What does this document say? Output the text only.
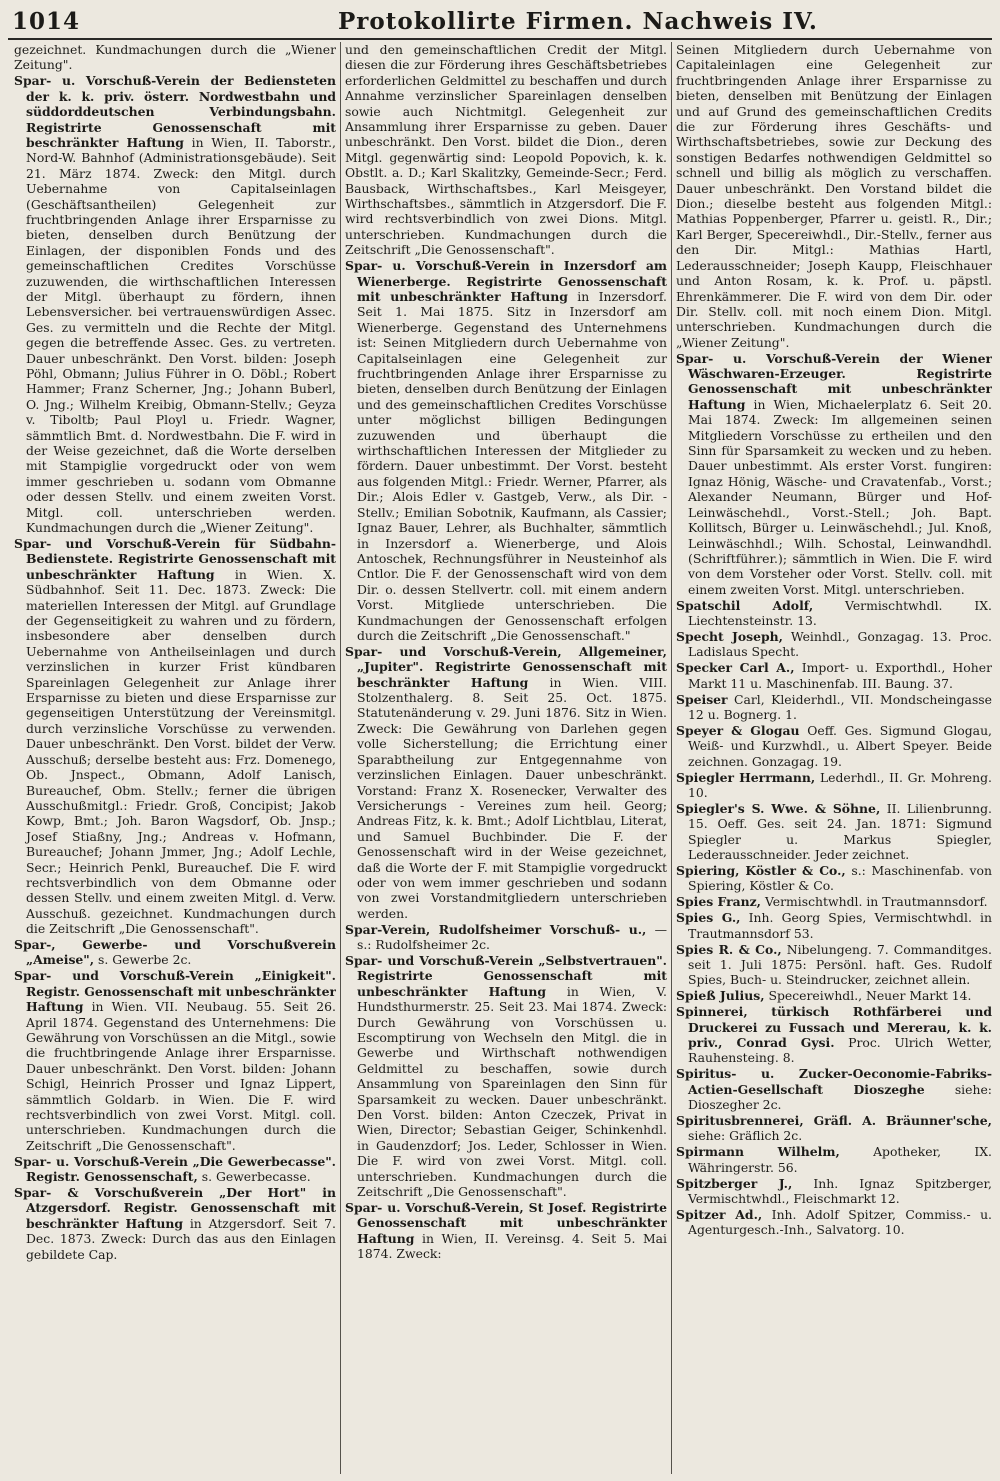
1014	Protokollirte Firmen. Nachweis IV.

gezeichnet. Kundmachungen durch die „Wiener Zeitung".

Spar- u. Vorschuß-Verein der Bediensteten der k. k. priv. österr. Nordwestbahn und süddorddeutschen Verbindungsbahn. Registrirte Genossenschaft mit beschränkter Haftung in Wien, II. Taborstr., Nord-W. Bahnhof (Administrationsgebäude). Seit 21. März 1874. Zweck: den Mitgl. durch Uebernahme von Capitalseinlagen (Geschäftsantheilen) Gelegenheit zur fruchtbringenden Anlage ihrer Ersparnisse zu bieten, denselben durch Benützung der Einlagen, der disponiblen Fonds und des gemeinschaftlichen Credites Vorschüsse zuzuwenden, die wirthschaftlichen Interessen der Mitgl. überhaupt zu fördern, ihnen Lebensversicher. bei vertrauenswürdigen Assec. Ges. zu vermitteln und die Rechte der Mitgl. gegen die betreffende Assec. Ges. zu vertreten. Dauer unbeschränkt. Den Vorst. bilden: Joseph Pöhl, Obmann; Julius Führer in O. Döbl.; Robert Hammer; Franz Scherner, Jng.; Johann Buberl, O. Jng.; Wilhelm Kreibig, Obmann-Stellv.; Geyza v. Tiboltb; Paul Ployl u. Friedr. Wagner, sämmtlich Bmt. d. Nordwestbahn. Die F. wird in der Weise gezeichnet, daß die Worte derselben mit Stampiglie vorgedruckt oder von wem immer geschrieben u. sodann vom Obmanne oder dessen Stellv. und einem zweiten Vorst. Mitgl. coll. unterschrieben werden. Kundmachungen durch die „Wiener Zeitung".

Spar- und Vorschuß-Verein für Südbahn-Bedienstete. Registrirte Genossenschaft mit unbeschränkter Haftung in Wien. X. Südbahnhof. Seit 11. Dec. 1873. Zweck: Die materiellen Interessen der Mitgl. auf Grundlage der Gegenseitigkeit zu wahren und zu fördern, insbesondere aber denselben durch Uebernahme von Antheilseinlagen und durch verzinslichen in kurzer Frist kündbaren Spareinlagen Gelegenheit zur Anlage ihrer Ersparnisse zu bieten und diese Ersparnisse zur gegenseitigen Unterstützung der Vereinsmitgl. durch verzinsliche Vorschüsse zu verwenden. Dauer unbeschränkt. Den Vorst. bildet der Verw. Ausschuß; derselbe besteht aus: Frz. Domenego, Ob. Jnspect., Obmann, Adolf Lanisch, Bureauchef, Obm. Stellv.; ferner die übrigen Ausschußmitgl.: Friedr. Groß, Concipist; Jakob Kowp, Bmt.; Joh. Baron Wagsdorf, Ob. Jnsp.; Josef Stiaßny, Jng.; Andreas v. Hofmann, Bureauchef; Johann Jmmer, Jng.; Adolf Lechle, Secr.; Heinrich Penkl, Bureauchef. Die F. wird rechtsverbindlich von dem Obmanne oder dessen Stellv. und einem zweiten Mitgl. d. Verw. Ausschuß. gezeichnet. Kundmachungen durch die Zeitschrift „Die Genossenschaft".

Spar-, Gewerbe- und Vorschußverein „Ameise", s. Gewerbe 2c.

Spar- und Vorschuß-Verein „Einigkeit". Registr. Genossenschaft mit unbeschränkter Haftung in Wien. VII. Neubaug. 55. Seit 26. April 1874. Gegenstand des Unternehmens: Die Gewährung von Vorschüssen an die Mitgl., sowie die fruchtbringende Anlage ihrer Ersparnisse. Dauer unbeschränkt. Den Vorst. bilden: Johann Schigl, Heinrich Prosser und Ignaz Lippert, sämmtlich Goldarb. in Wien. Die F. wird rechtsverbindlich von zwei Vorst. Mitgl. coll. unterschrieben. Kundmachungen durch die Zeitschrift „Die Genossenschaft".

Spar- u. Vorschuß-Verein „Die Gewerbecasse". Registr. Genossenschaft, s. Gewerbecasse.

Spar- & Vorschußverein „Der Hort" in Atzgersdorf. Registr. Genossenschaft mit beschränkter Haftung in Atzgersdorf. Seit 7. Dec. 1873. Zweck: Durch das aus den Einlagen gebildete Cap.

und den gemeinschaftlichen Credit der Mitgl. diesen die zur Förderung ihres Geschäftsbetriebes erforderlichen Geldmittel zu beschaffen und durch Annahme verzinslicher Spareinlagen denselben sowie auch Nichtmitgl. Gelegenheit zur Ansammlung ihrer Ersparnisse zu geben. Dauer unbeschränkt. Den Vorst. bildet die Dion., deren Mitgl. gegenwärtig sind: Leopold Popovich, k. k. Obstlt. a. D.; Karl Skalitzky, Gemeinde-Secr.; Ferd. Bausback, Wirthschaftsbes., Karl Meisgeyer, Wirthschaftsbes., sämmtlich in Atzgersdorf. Die F. wird rechtsverbindlich von zwei Dions. Mitgl. unterschrieben. Kundmachungen durch die Zeitschrift „Die Genossenschaft".

Spar- u. Vorschuß-Verein in Inzersdorf am Wienerberge. Registrirte Genossenschaft mit unbeschränkter Haftung in Inzersdorf. Seit 1. Mai 1875. Sitz in Inzersdorf am Wienerberge. Gegenstand des Unternehmens ist: Seinen Mitgliedern durch Uebernahme von Capitalseinlagen eine Gelegenheit zur fruchtbringenden Anlage ihrer Ersparnisse zu bieten, denselben durch Benützung der Einlagen und des gemeinschaftlichen Credites Vorschüsse unter möglichst billigen Bedingungen zuzuwenden und überhaupt die wirthschaftlichen Interessen der Mitglieder zu fördern. Dauer unbestimmt. Der Vorst. besteht aus folgenden Mitgl.: Friedr. Werner, Pfarrer, als Dir.; Alois Edler v. Gastgeb, Verw., als Dir. - Stellv.; Emilian Sobotnik, Kaufmann, als Cassier; Ignaz Bauer, Lehrer, als Buchhalter, sämmtlich in Inzersdorf a. Wienerberge, und Alois Antoschek, Rechnungsführer in Neusteinhof als Cntlor. Die F. der Genossenschaft wird von dem Dir. o. dessen Stellvertr. coll. mit einem andern Vorst. Mitgliede unterschrieben. Die Kundmachungen der Genossenschaft erfolgen durch die Zeitschrift „Die Genossenschaft."

Spar- und Vorschuß-Verein, Allgemeiner, „Jupiter". Registrirte Genossenschaft mit beschränkter Haftung in Wien. VIII. Stolzenthalerg. 8. Seit 25. Oct. 1875. Statutenänderung v. 29. Juni 1876. Sitz in Wien. Zweck: Die Gewährung von Darlehen gegen volle Sicherstellung; die Errichtung einer Sparabtheilung zur Entgegennahme von verzinslichen Einlagen. Dauer unbeschränkt. Vorstand: Franz X. Rosenecker, Verwalter des Versicherungs - Vereines zum heil. Georg; Andreas Fitz, k. k. Bmt.; Adolf Lichtblau, Literat, und Samuel Buchbinder. Die F. der Genossenschaft wird in der Weise gezeichnet, daß die Worte der F. mit Stampiglie vorgedruckt oder von wem immer geschrieben und sodann von zwei Vorstandmitgliedern unterschrieben werden.

Spar-Verein, Rudolfsheimer Vorschuß- u., — s.: Rudolfsheimer 2c.

Spar- und Vorschuß-Verein „Selbstvertrauen". Registrirte Genossenschaft mit unbeschränkter Haftung in Wien, V. Hundsthurmerstr. 25. Seit 23. Mai 1874. Zweck: Durch Gewährung von Vorschüssen u. Escomptirung von Wechseln den Mitgl. die in Gewerbe und Wirthschaft nothwendigen Geldmittel zu beschaffen, sowie durch Ansammlung von Spareinlagen den Sinn für Sparsamkeit zu wecken. Dauer unbeschränkt. Den Vorst. bilden: Anton Czeczek, Privat in Wien, Director; Sebastian Geiger, Schinkenhdl. in Gaudenzdorf; Jos. Leder, Schlosser in Wien. Die F. wird von zwei Vorst. Mitgl. coll. unterschrieben. Kundmachungen durch die Zeitschrift „Die Genossenschaft".

Spar- u. Vorschuß-Verein, St Josef. Registrirte Genossenschaft mit unbeschränkter Haftung in Wien, II. Vereinsg. 4. Seit 5. Mai 1874. Zweck:

Seinen Mitgliedern durch Uebernahme von Capitaleinlagen eine Gelegenheit zur fruchtbringenden Anlage ihrer Ersparnisse zu bieten, denselben mit Benützung der Einlagen und auf Grund des gemeinschaftlichen Credits die zur Förderung ihres Geschäfts- und Wirthschaftsbetriebes, sowie zur Deckung des sonstigen Bedarfes nothwendigen Geldmittel so schnell und billig als möglich zu verschaffen. Dauer unbeschränkt. Den Vorstand bildet die Dion.; dieselbe besteht aus folgenden Mitgl.: Mathias Poppenberger, Pfarrer u. geistl. R., Dir.; Karl Berger, Specereiwhdl., Dir.-Stellv., ferner aus den Dir. Mitgl.: Mathias Hartl, Lederausschneider; Joseph Kaupp, Fleischhauer und Anton Rosam, k. k. Prof. u. päpstl. Ehrenkämmerer. Die F. wird von dem Dir. oder Dir. Stellv. coll. mit noch einem Dion. Mitgl. unterschrieben. Kundmachungen durch die „Wiener Zeitung".

Spar- u. Vorschuß-Verein der Wiener Wäschwaren-Erzeuger. Registrirte Genossenschaft mit unbeschränkter Haftung in Wien, Michaelerplatz 6. Seit 20. Mai 1874. Zweck: Im allgemeinen seinen Mitgliedern Vorschüsse zu ertheilen und den Sinn für Sparsamkeit zu wecken und zu heben. Dauer unbestimmt. Als erster Vorst. fungiren: Ignaz Hönig, Wäsche- und Cravatenfab., Vorst.; Alexander Neumann, Bürger und Hof-Leinwäschehdl., Vorst.-Stell.; Joh. Bapt. Kollitsch, Bürger u. Leinwäschehdl.; Jul. Knoß, Leinwäschhdl.; Wilh. Schostal, Leinwandhdl. (Schriftführer.); sämmtlich in Wien. Die F. wird von dem Vorsteher oder Vorst. Stellv. coll. mit einem zweiten Vorst. Mitgl. unterschrieben.

Spatschil Adolf,	Vermischtwhdl. IX. Liechtensteinstr. 13.

Specht Joseph, Weinhdl., Gonzagag. 13. Proc. Ladislaus Specht.

Specker Carl A., Import- u. Exporthdl., Hoher Markt 11 u. Maschinenfab. III. Baung. 37.

Speiser Carl, Kleiderhdl., VII. Mondscheingasse 12 u. Bognerg. 1.

Speyer & Glogau Oeff. Ges. Sigmund Glogau, Weiß- und Kurzwhdl., u. Albert Speyer. Beide zeichnen. Gonzagag. 19.

Spiegler Herrmann, Lederhdl., II. Gr. Mohreng. 10.

Spiegler's S. Wwe. & Söhne, II. Lilienbrunng. 15. Oeff. Ges. seit 24. Jan. 1871: Sigmund Spiegler u. Markus Spiegler, Lederausschneider. Jeder zeichnet.

Spiering, Köstler & Co., s.: Maschinenfab. von Spiering, Köstler & Co.

Spies Franz, Vermischtwhdl. in Trautmannsdorf.

Spies G., Inh. Georg Spies, Vermischtwhdl. in Trautmannsdorf 53.

Spies R. & Co., Nibelungeng. 7. Commanditges. seit 1. Juli 1875: Persönl. haft. Ges. Rudolf Spies, Buch- u. Steindrucker, zeichnet allein.

Spieß Julius, Specereiwhdl., Neuer Markt 14.

Spinnerei, türkisch Rothfärberei und Druckerei zu Fussach und Mererau, k. k. priv., Conrad Gysi. Proc. Ulrich Wetter, Rauhensteing. 8.

Spiritus- u. Zucker-Oeconomie-Fabriks-Actien-Gesellschaft Dioszeghe siehe: Dioszegher 2c.

Spiritusbrennerei, Gräfl. A. Bräunner'sche, siehe: Gräflich 2c.

Spirmann Wilhelm,	Apotheker, IX. Währingerstr. 56.

Spitzberger J., Inh. Ignaz Spitzberger, Vermischtwhdl., Fleischmarkt 12.

Spitzer Ad., Inh. Adolf Spitzer, Commiss.- u. Agenturgesch.-Inh., Salvatorg. 10.
